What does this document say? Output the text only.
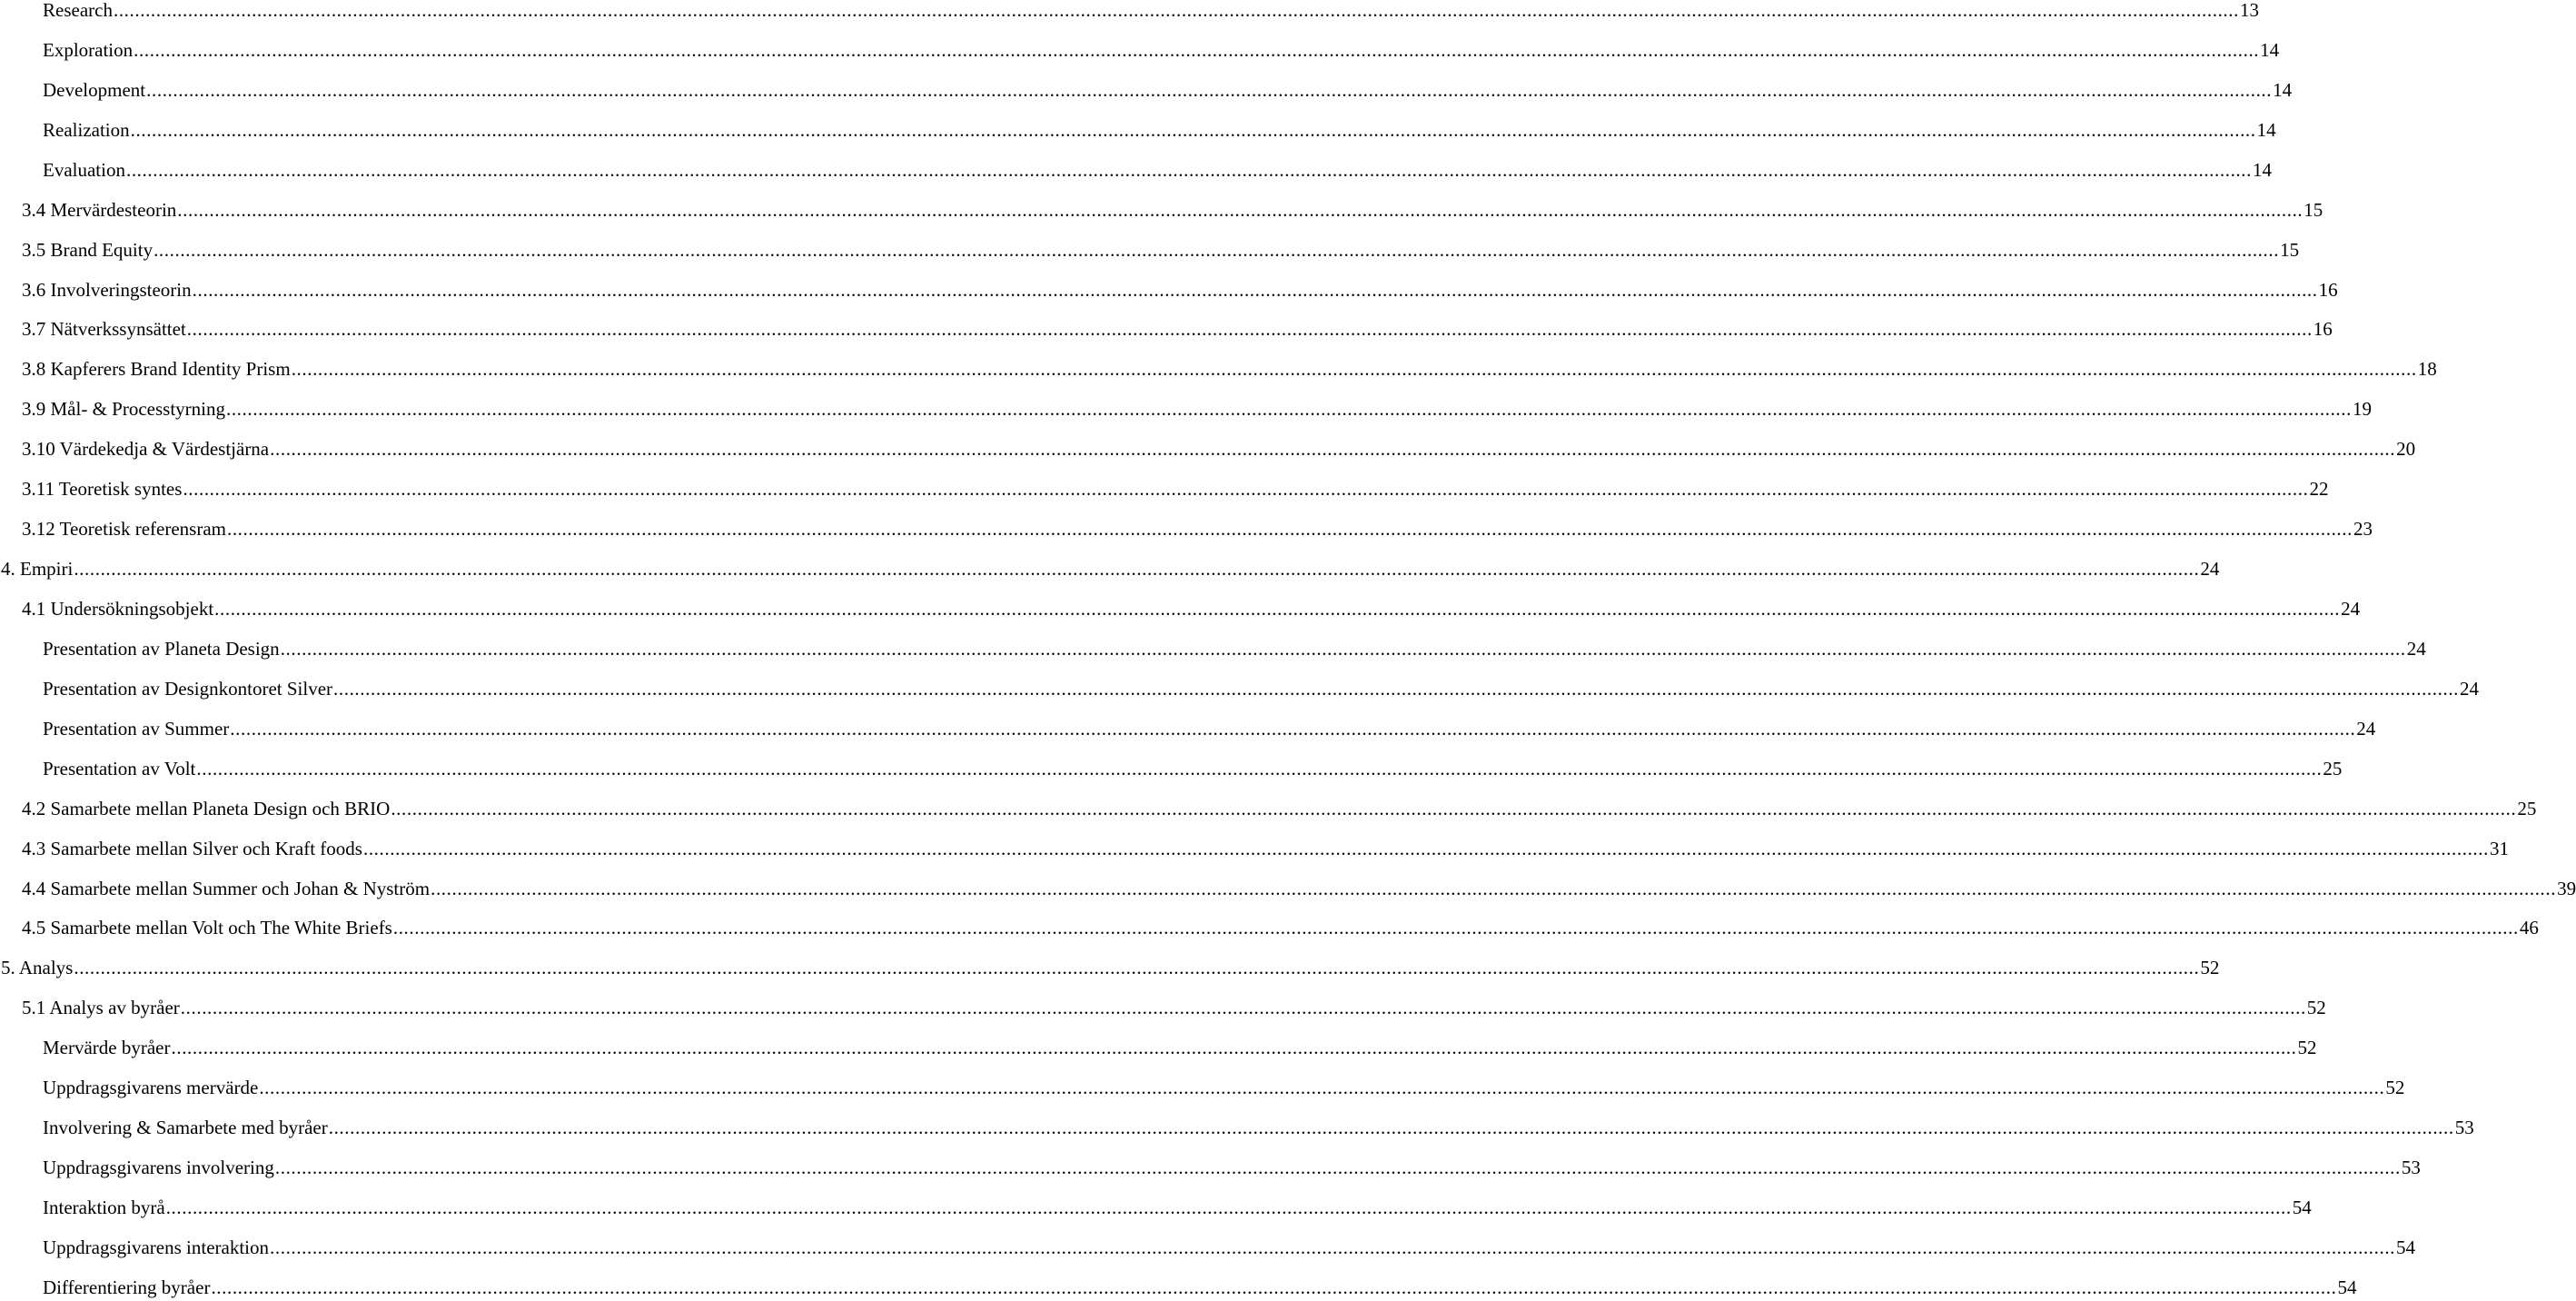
Research ................................................................................................................................................................................................................................................................................................................................................................................................................ 13
Exploration ................................................................................................................................................................................................................................................................................................................................................................................................................ 14
Development ................................................................................................................................................................................................................................................................................................................................................................................................................ 14
Realization ................................................................................................................................................................................................................................................................................................................................................................................................................ 14
Evaluation ................................................................................................................................................................................................................................................................................................................................................................................................................ 14
3.4 Mervärdesteorin ................................................................................................................................................................................................................................................................................................................................................................................................................ 15
3.5 Brand Equity ................................................................................................................................................................................................................................................................................................................................................................................................................ 15
3.6 Involveringsteorin ................................................................................................................................................................................................................................................................................................................................................................................................................ 16
3.7 Nätverkssynsättet ................................................................................................................................................................................................................................................................................................................................................................................................................ 16
3.8 Kapferers Brand Identity Prism ................................................................................................................................................................................................................................................................................................................................................................................................................ 18
3.9 Mål- & Processtyrning ................................................................................................................................................................................................................................................................................................................................................................................................................ 19
3.10 Värdekedja & Värdestjärna ................................................................................................................................................................................................................................................................................................................................................................................................................ 20
3.11 Teoretisk syntes ................................................................................................................................................................................................................................................................................................................................................................................................................ 22
3.12 Teoretisk referensram ................................................................................................................................................................................................................................................................................................................................................................................................................ 23
4. Empiri ................................................................................................................................................................................................................................................................................................................................................................................................................ 24
4.1 Undersökningsobjekt ................................................................................................................................................................................................................................................................................................................................................................................................................ 24
Presentation av Planeta Design ................................................................................................................................................................................................................................................................................................................................................................................................................ 24
Presentation av Designkontoret Silver ................................................................................................................................................................................................................................................................................................................................................................................................................ 24
Presentation av Summer ................................................................................................................................................................................................................................................................................................................................................................................................................ 24
Presentation av Volt ................................................................................................................................................................................................................................................................................................................................................................................................................ 25
4.2 Samarbete mellan Planeta Design och BRIO ................................................................................................................................................................................................................................................................................................................................................................................................................ 25
4.3 Samarbete mellan Silver och Kraft foods ................................................................................................................................................................................................................................................................................................................................................................................................................ 31
4.4 Samarbete mellan Summer och Johan & Nyström ................................................................................................................................................................................................................................................................................................................................................................................................................ 39
4.5 Samarbete mellan Volt och The White Briefs ................................................................................................................................................................................................................................................................................................................................................................................................................ 46
5. Analys ................................................................................................................................................................................................................................................................................................................................................................................................................ 52
5.1 Analys av byråer ................................................................................................................................................................................................................................................................................................................................................................................................................ 52
Mervärde byråer ................................................................................................................................................................................................................................................................................................................................................................................................................ 52
Uppdragsgivarens mervärde ................................................................................................................................................................................................................................................................................................................................................................................................................ 52
Involvering & Samarbete med byråer ................................................................................................................................................................................................................................................................................................................................................................................................................ 53
Uppdragsgivarens involvering ................................................................................................................................................................................................................................................................................................................................................................................................................ 53
Interaktion byrå ................................................................................................................................................................................................................................................................................................................................................................................................................ 54
Uppdragsgivarens interaktion ................................................................................................................................................................................................................................................................................................................................................................................................................ 54
Differentiering byråer ................................................................................................................................................................................................................................................................................................................................................................................................................ 54
